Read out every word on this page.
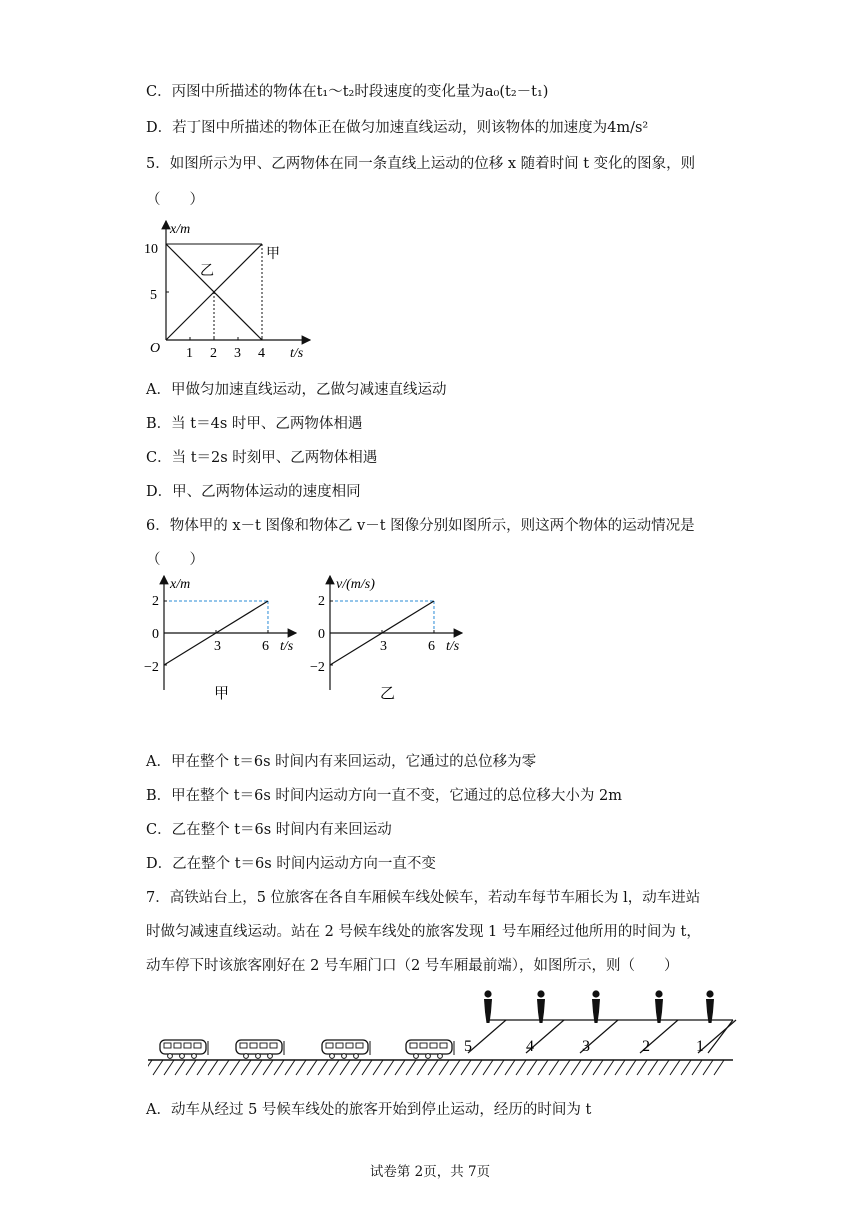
C．丙图中所描述的物体在t₁～t₂时段速度的变化量为a₀(t₂－t₁)
D．若丁图中所描述的物体正在做匀加速直线运动，则该物体的加速度为4m/s²
5．如图所示为甲、乙两物体在同一条直线上运动的位移 x 随着时间 t 变化的图象，则
（　　）
x/m
t/s
O
10
5
1 2 3 4
甲
乙
A．甲做匀加速直线运动，乙做匀减速直线运动
B．当 t＝4s 时甲、乙两物体相遇
C．当 t＝2s 时刻甲、乙两物体相遇
D．甲、乙两物体运动的速度相同
6．物体甲的 x－t 图像和物体乙 v－t 图像分别如图所示，则这两个物体的运动情况是
（　　）
x/m
t/s
2
0
−2
3	6
甲
v/(m/s)
t/s
2
0
−2
3	6
乙
A．甲在整个 t＝6s 时间内有来回运动，它通过的总位移为零
B．甲在整个 t＝6s 时间内运动方向一直不变，它通过的总位移大小为 2m
C．乙在整个 t＝6s 时间内有来回运动
D．乙在整个 t＝6s 时间内运动方向一直不变
7．高铁站台上，5 位旅客在各自车厢候车线处候车，若动车每节车厢长为 l，动车进站
时做匀减速直线运动。站在 2 号候车线处的旅客发现 1 号车厢经过他所用的时间为 t，
动车停下时该旅客刚好在 2 号车厢门口（2 号车厢最前端），如图所示，则（　　）
5	4	3	2	1
A．动车从经过 5 号候车线处的旅客开始到停止运动，经历的时间为 t
试卷第 2页，共 7页
